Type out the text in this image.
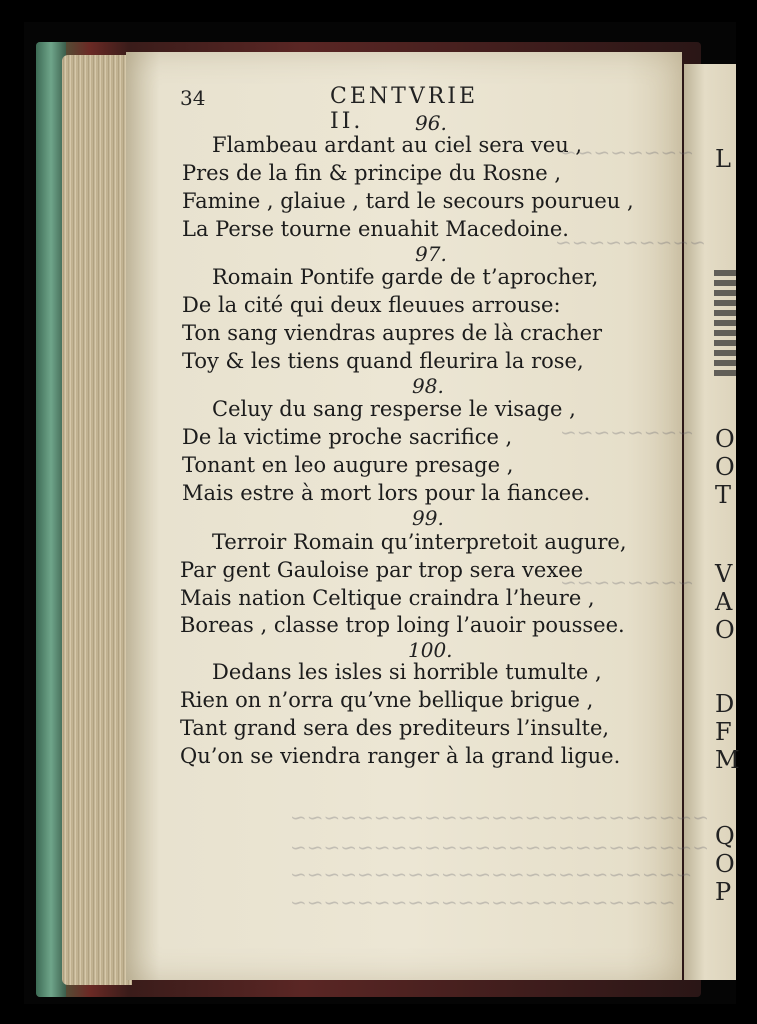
~~~~~~~~
~~~~~~~~~
~~~~~~~~
~~~~~~~~
~~~~~~~~~~~~~~~~~~~~~~~~~
~~~~~~~~~~~~~~~~~~~~~~~~~
~~~~~~~~~~~~~~~~~~~~~~~~
~~~~~~~~~~~~~~~~~~~~~~~
L
O
O
T
V
A
O
D
F
M
Q
O
P
34	CENTVRIE II.	96.
Flambeau ardant au ciel sera veu ,
Pres de la fin & principe du Rosne ,
Famine , glaiue , tard le secours pourueu ,
La Perse tourne enuahit Macedoine.
97.
Romain Pontife garde de t’aprocher,
De la cité qui deux fleuues arrouse:
Ton sang viendras aupres de là cracher
Toy & les tiens quand fleurira la rose,
98.
Celuy du sang resperse le visage ,
De la victime proche sacrifice ,
Tonant en leo augure presage ,
Mais estre à mort lors pour la fiancee.
99.
Terroir Romain qu’interpretoit augure,
Par gent Gauloise par trop sera vexee
Mais nation Celtique craindra l’heure ,
Boreas , classe trop loing l’auoir poussee.
100.
Dedans les isles si horrible tumulte ,
Rien on n’orra qu’vne bellique brigue ,
Tant grand sera des prediteurs l’insulte,
Qu’on se viendra ranger à la grand ligue.
